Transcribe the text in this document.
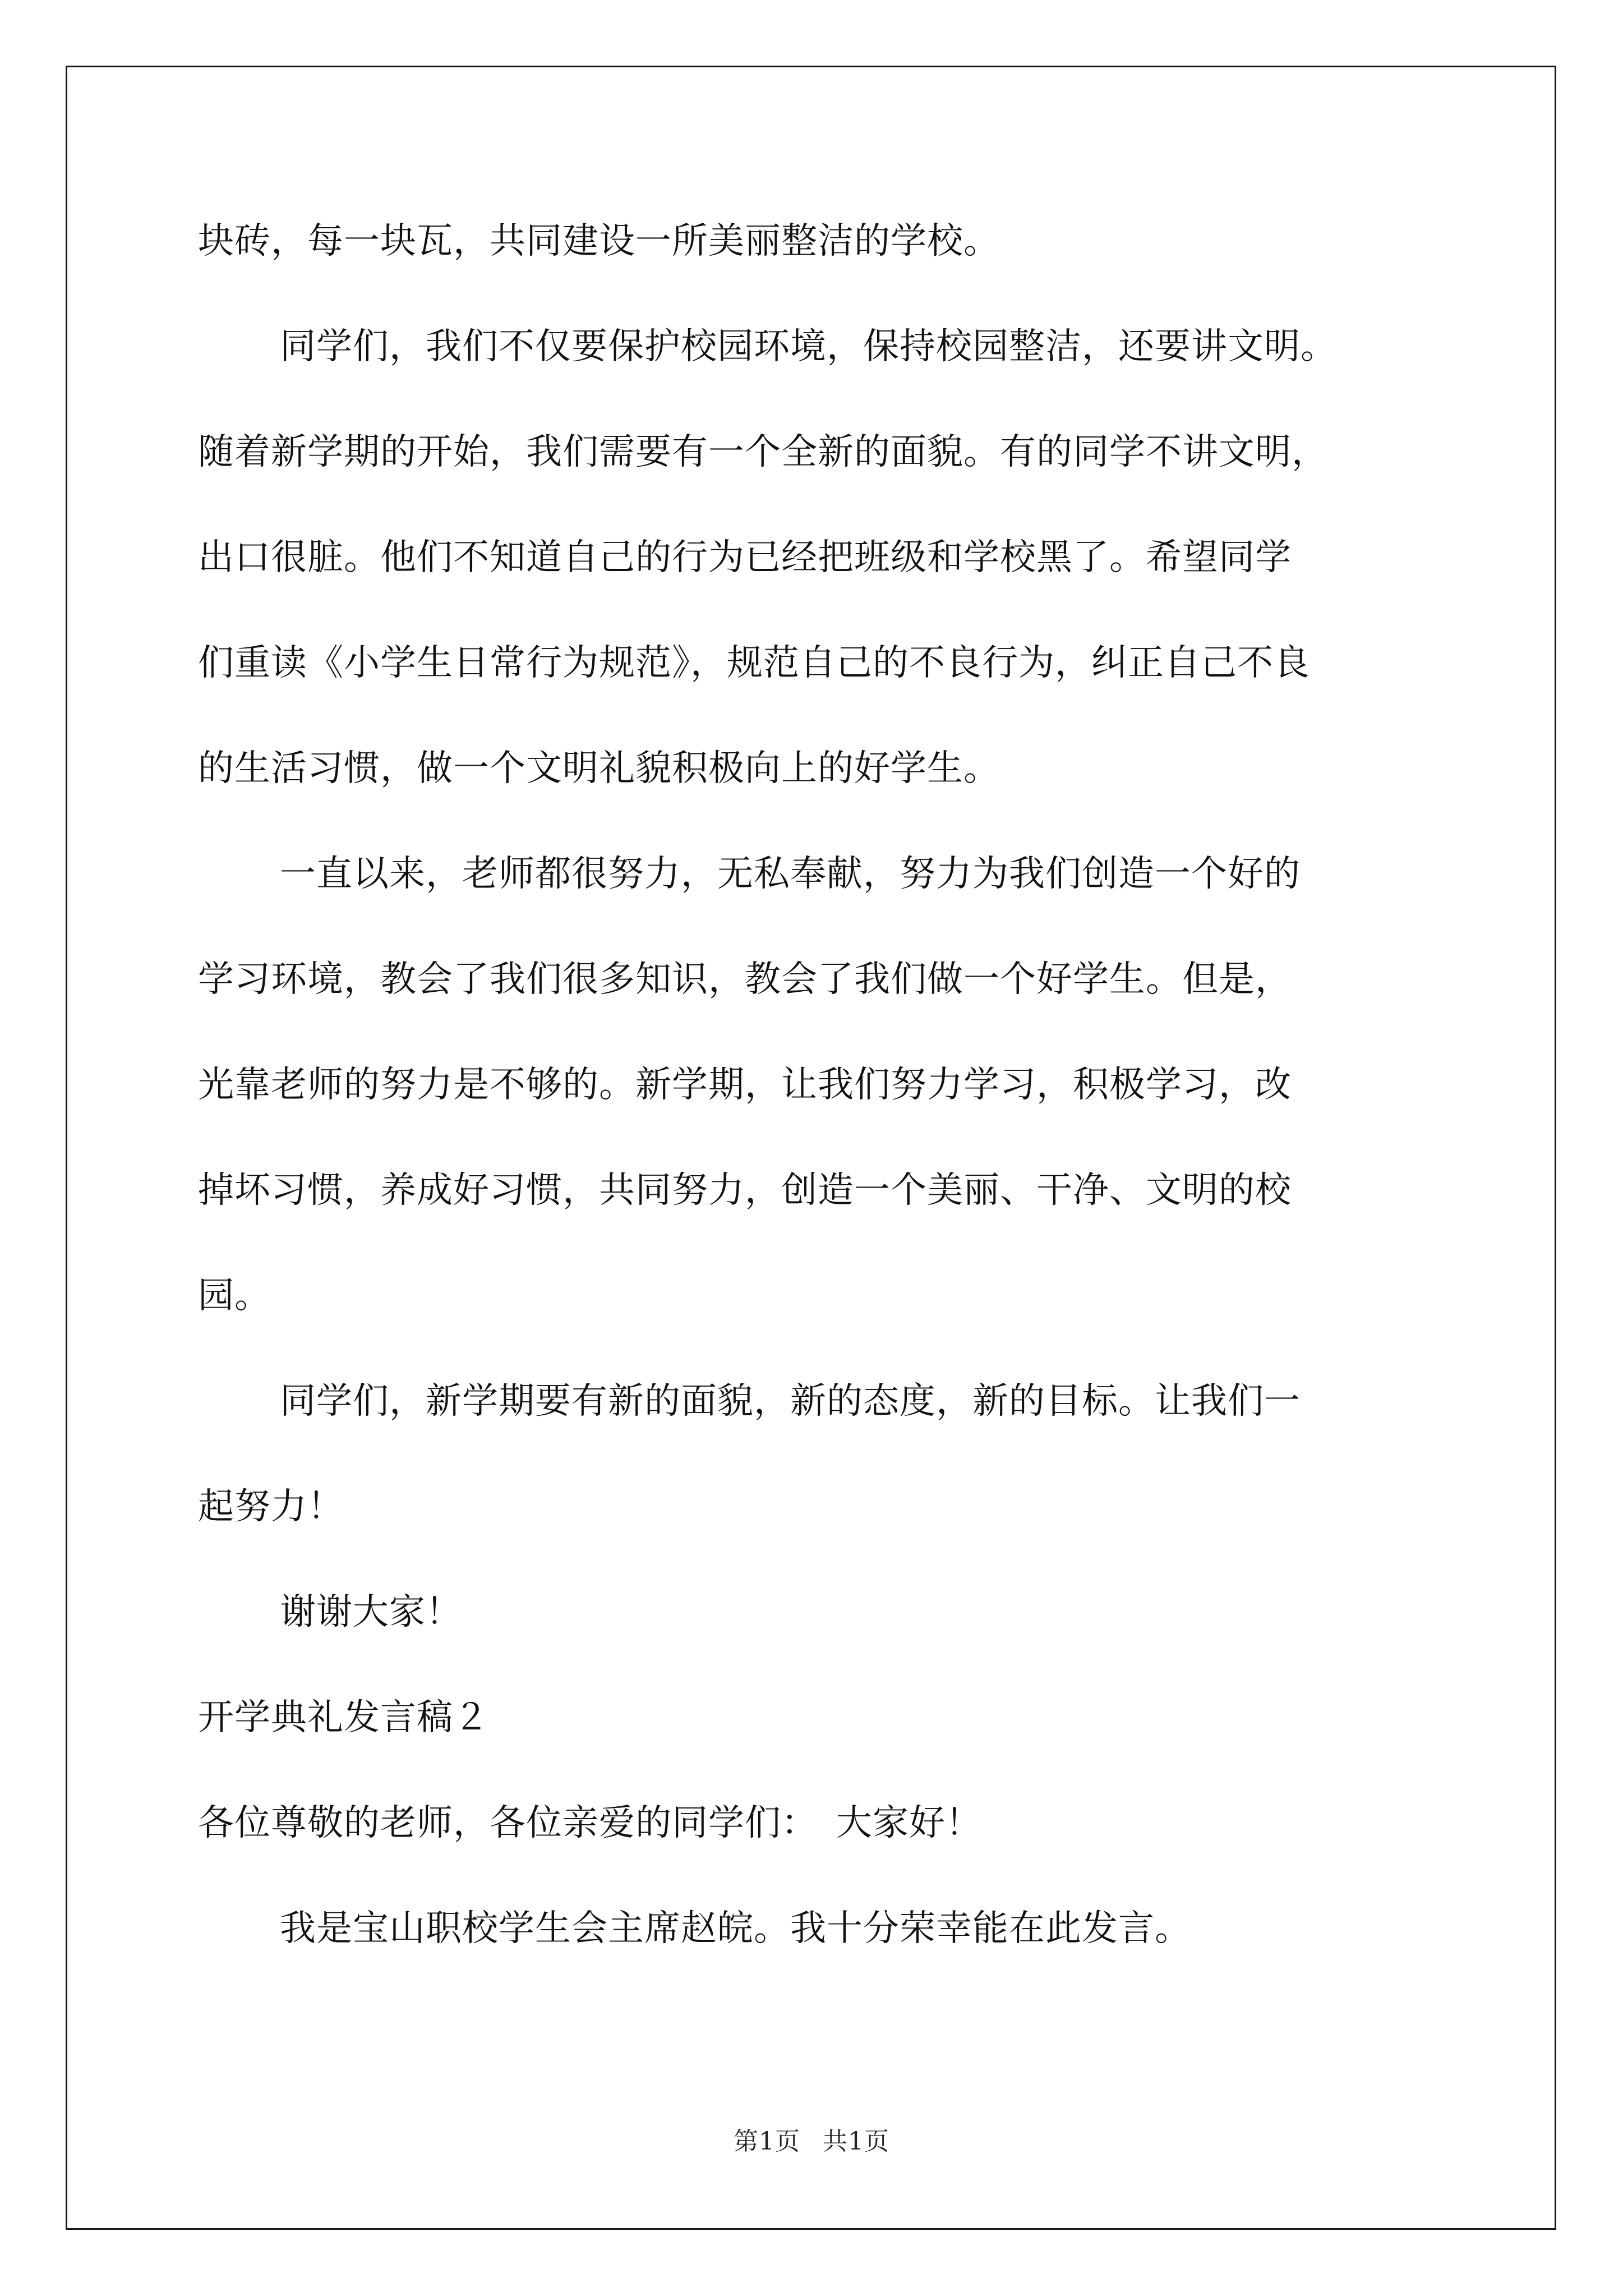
块砖，每一块瓦，共同建设一所美丽整洁的学校。
同学们，我们不仅要保护校园环境，保持校园整洁，还要讲文明。
随着新学期的开始，我们需要有一个全新的面貌。有的同学不讲文明，
出口很脏。他们不知道自己的行为已经把班级和学校黑了。希望同学
们重读《小学生日常行为规范》，规范自己的不良行为，纠正自己不良
的生活习惯，做一个文明礼貌积极向上的好学生。
一直以来，老师都很努力，无私奉献，努力为我们创造一个好的
学习环境，教会了我们很多知识，教会了我们做一个好学生。但是，
光靠老师的努力是不够的。新学期，让我们努力学习，积极学习，改
掉坏习惯，养成好习惯，共同努力，创造一个美丽、干净、文明的校
园。
同学们，新学期要有新的面貌，新的态度，新的目标。让我们一
起努力！
谢谢大家！
开学典礼发言稿２
各位尊敬的老师，各位亲爱的同学们：　大家好！
我是宝山职校学生会主席赵皖。我十分荣幸能在此发言。
第1页 共1页
